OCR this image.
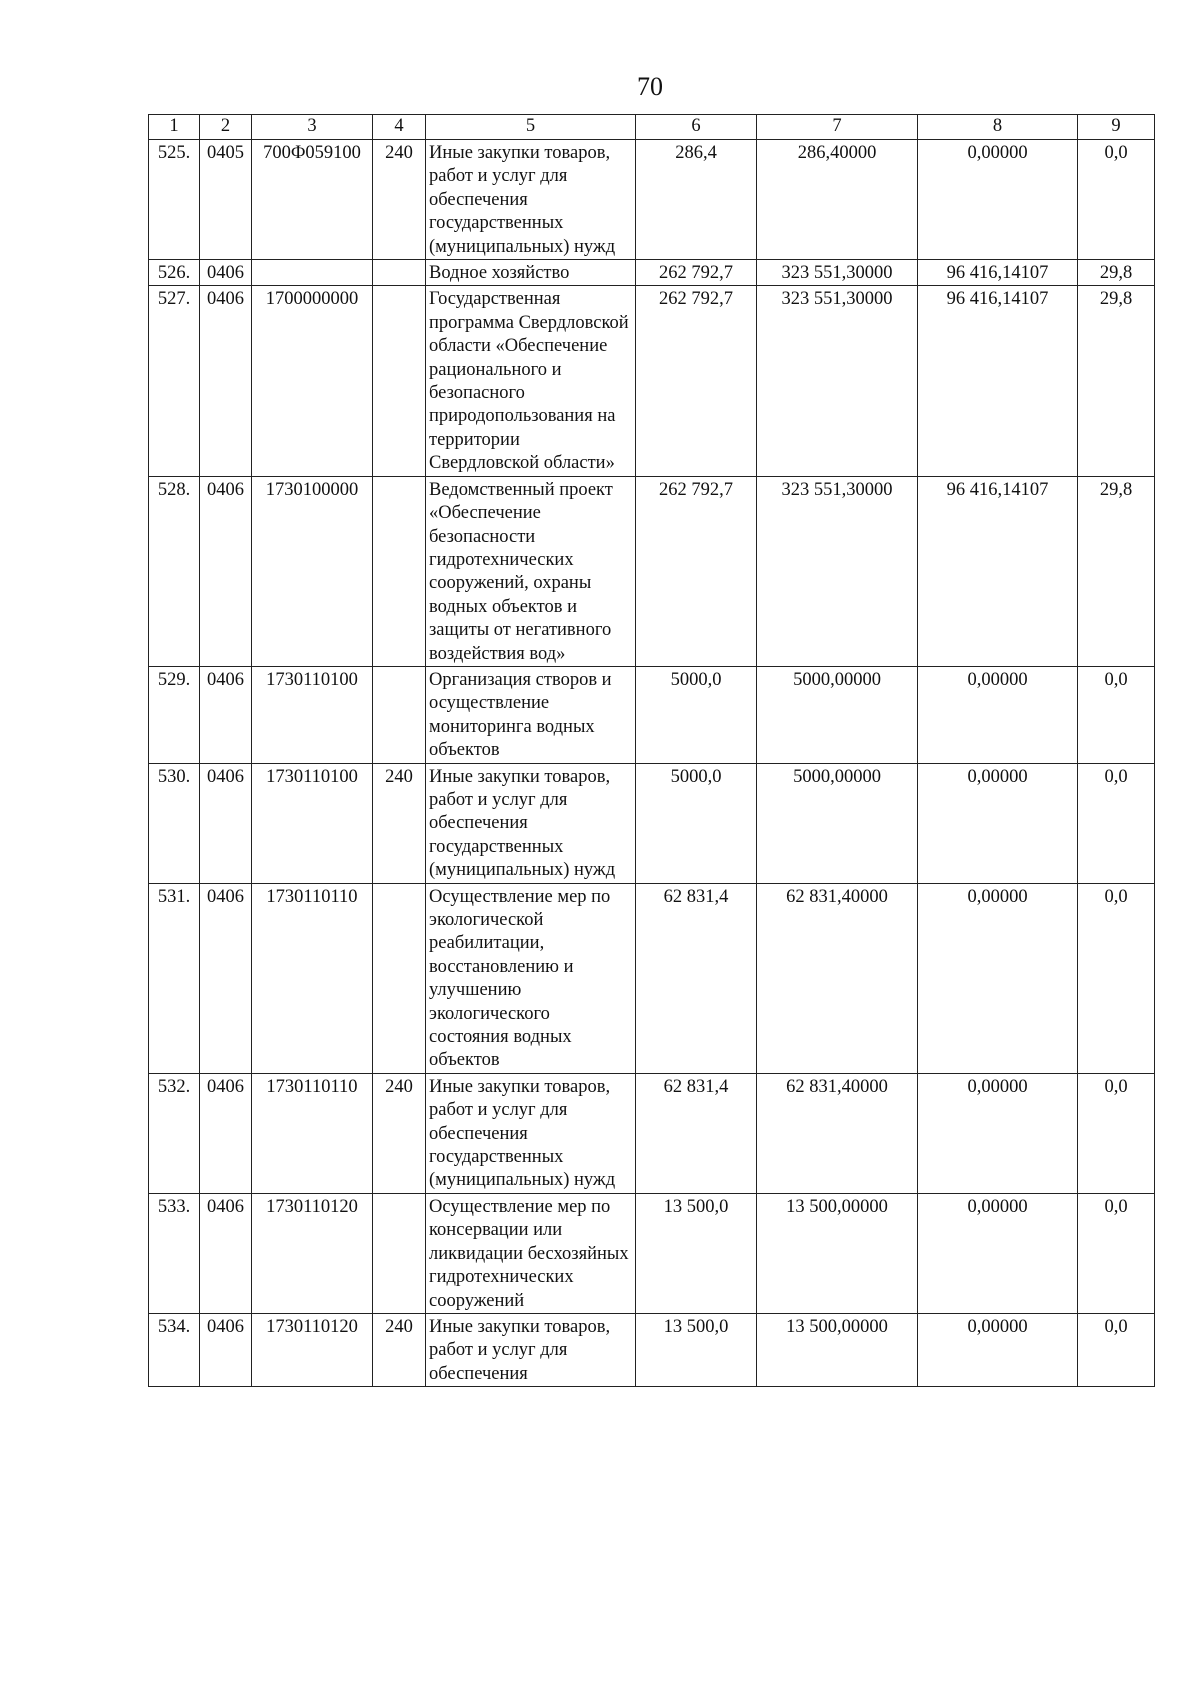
70
1	2	3	4	5	6	7	8	9
525.	0405	700Ф059100	240	Иные закупки товаров, работ и услуг для обеспечения государственных (муниципальных) нужд	286,4	286,40000	0,00000	0,0
526.	0406			Водное хозяйство	262 792,7	323 551,30000	96 416,14107	29,8
527.	0406	1700000000		Государственная программа Свердловской области «Обеспечение рационального и безопасного природопользования на территории Свердловской области»	262 792,7	323 551,30000	96 416,14107	29,8
528.	0406	1730100000		Ведомственный проект «Обеспечение безопасности гидротехнических сооружений, охраны водных объектов и защиты от негативного воздействия вод»	262 792,7	323 551,30000	96 416,14107	29,8
529.	0406	1730110100		Организация створов и осуществление мониторинга водных объектов	5000,0	5000,00000	0,00000	0,0
530.	0406	1730110100	240	Иные закупки товаров, работ и услуг для обеспечения государственных (муниципальных) нужд	5000,0	5000,00000	0,00000	0,0
531.	0406	1730110110		Осуществление мер по экологической реабилитации, восстановлению и улучшению экологического состояния водных объектов	62 831,4	62 831,40000	0,00000	0,0
532.	0406	1730110110	240	Иные закупки товаров, работ и услуг для обеспечения государственных (муниципальных) нужд	62 831,4	62 831,40000	0,00000	0,0
533.	0406	1730110120		Осуществление мер по консервации или ликвидации бесхозяйных гидротехнических сооружений	13 500,0	13 500,00000	0,00000	0,0
534.	0406	1730110120	240	Иные закупки товаров, работ и услуг для обеспечения	13 500,0	13 500,00000	0,00000	0,0
